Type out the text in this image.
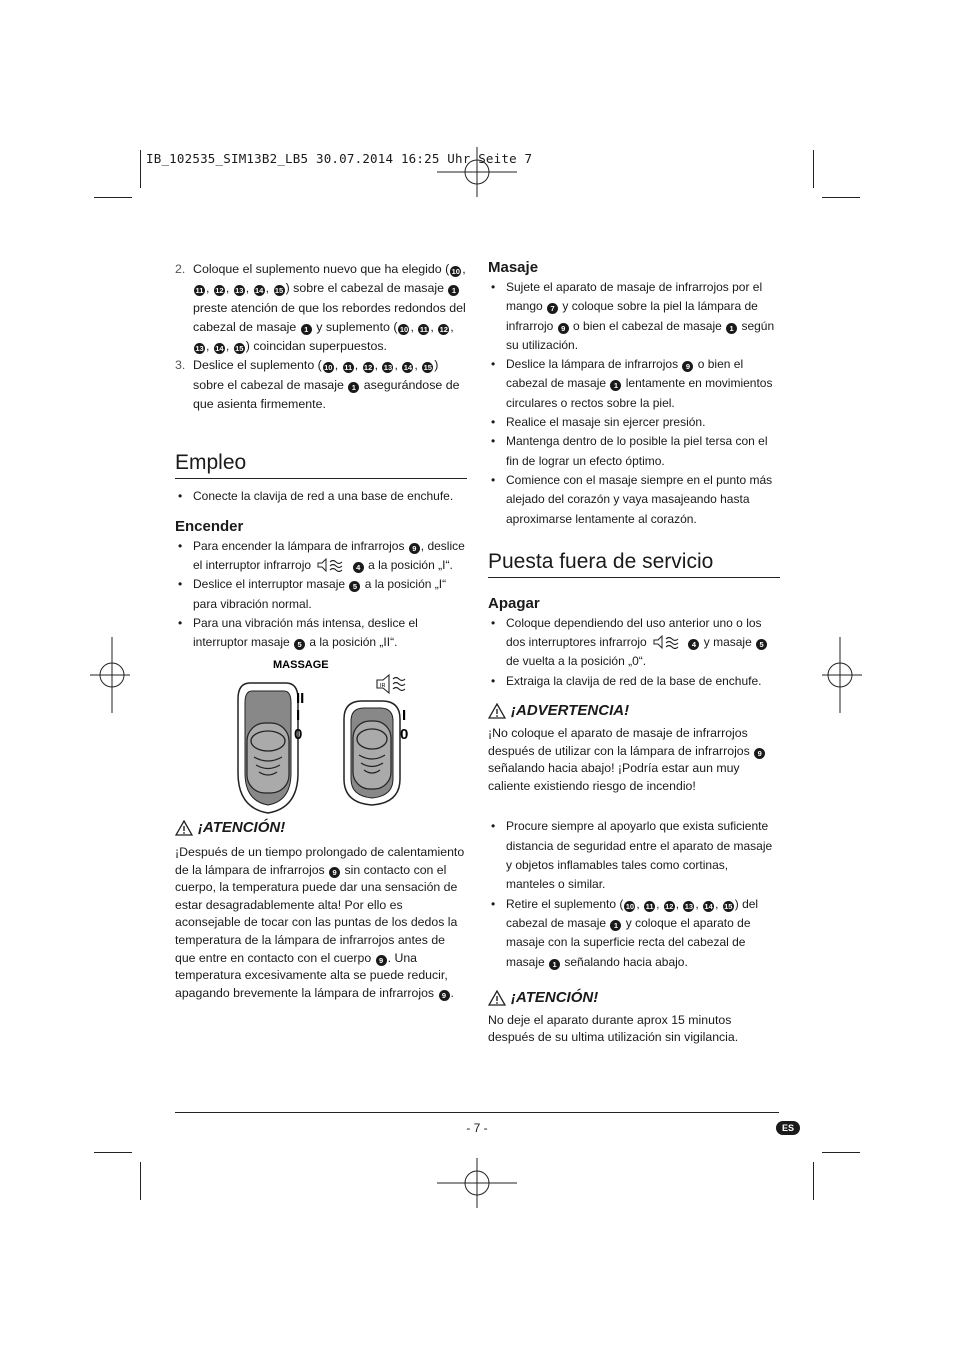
IB_102535_SIM13B2_LB5 30.07.2014 16:25 Uhr Seite 7
2. Coloque el suplemento nuevo que ha elegido ( 10 , 11 , 12 , 13 , 14 , 15 ) sobre el cabezal de masaje 1 preste atención de que los rebordes redondos del cabezal de masaje 1 y suplemento ( 10 , 11 , 12 , 13 , 14 , 15 ) coincidan superpuestos.
3. Deslice el suplemento ( 10 , 11 , 12 , 13 , 14 , 15 ) sobre el cabezal de masaje 1 asegurándose de que asienta firmemente.
Empleo
• Conecte la clavija de red a una base de enchufe.
Encender
• Para encender la lámpara de infrarrojos 9 , deslice el interruptor infrarrojo	4 a la posición „I“.
• Deslice el interruptor masaje 5 a la posición „I“ para vibración normal.
• Para una vibración más intensa, deslice el interruptor masaje 5 a la posición „II“.
MASSAGE
II
I
0
I
0
IR
¡ATENCIÓN!

¡Después de un tiempo prolongado de calentamiento de la lámpara de infrarrojos 9 sin contacto con el cuerpo, la temperatura puede dar una sensación de estar desagradablemente alta! Por ello es aconsejable de tocar con las puntas de los dedos la temperatura de la lámpara de infrarrojos antes de que entre en contacto con el cuerpo 9 . Una temperatura excesivamente alta se puede reducir, apagando brevemente la lámpara de infrarrojos 9 .

Masaje
• Sujete el aparato de masaje de infrarrojos por el mango 7 y coloque sobre la piel la lámpara de infrarrojo 9 o bien el cabezal de masaje 1 según su utilización.
• Deslice la lámpara de infrarrojos 9 o bien el cabezal de masaje 1 lentamente en movimientos circulares o rectos sobre la piel.
• Realice el masaje sin ejercer presión.
• Mantenga dentro de lo posible la piel tersa con el fin de lograr un efecto óptimo.
• Comience con el masaje siempre en el punto más alejado del corazón y vaya masajeando hasta aproximarse lentamente al corazón.
Puesta fuera de servicio
Apagar
• Coloque dependiendo del uso anterior uno o los dos interruptores infrarrojo	4 y masaje 5 de vuelta a la posición „0“.
• Extraiga la clavija de red de la base de enchufe.
¡ADVERTENCIA!

¡No coloque el aparato de masaje de infrarrojos después de utilizar con la lámpara de infrarrojos 9 señalando hacia abajo! ¡Podría estar aun muy caliente existiendo riesgo de incendio!

• Procure siempre al apoyarlo que exista suficiente distancia de seguridad entre el aparato de masaje y objetos inflamables tales como cortinas, manteles o similar.
• Retire el suplemento ( 10 , 11 , 12 , 13 , 14 , 15 ) del cabezal de masaje 1 y coloque el aparato de masaje con la superficie recta del cabezal de masaje 1 señalando hacia abajo.
¡ATENCIÓN!

No deje el aparato durante aprox 15 minutos después de su ultima utilización sin vigilancia.

- 7 -	ES
